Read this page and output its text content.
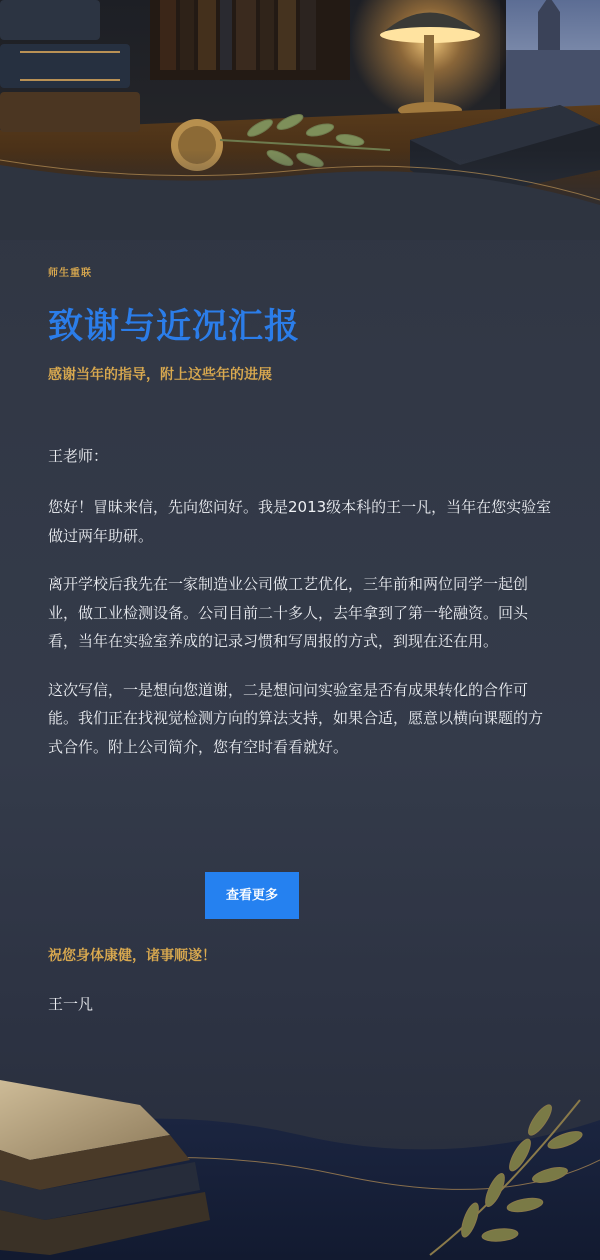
师生重联
致谢与近况汇报
感谢当年的指导，附上这些年的进展
王老师：

您好！冒昧来信，先向您问好。我是2013级本科的王一凡，当年在您实验室做过两年助研。

离开学校后我先在一家制造业公司做工艺优化，三年前和两位同学一起创业，做工业检测设备。公司目前二十多人，去年拿到了第一轮融资。回头看，当年在实验室养成的记录习惯和写周报的方式，到现在还在用。

这次写信，一是想向您道谢，二是想问问实验室是否有成果转化的合作可能。我们正在找视觉检测方向的算法支持，如果合适，愿意以横向课题的方式合作。附上公司简介，您有空时看看就好。

查看更多
祝您身体康健，诸事顺遂！
王一凡
